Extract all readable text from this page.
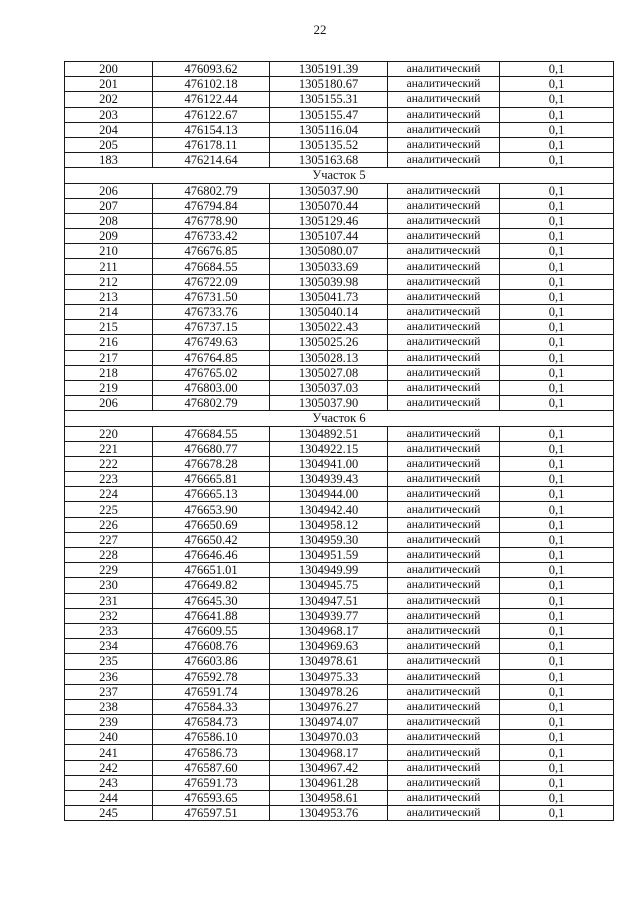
22
200	476093.62	1305191.39	аналитический	0,1
201	476102.18	1305180.67	аналитический	0,1
202	476122.44	1305155.31	аналитический	0,1
203	476122.67	1305155.47	аналитический	0,1
204	476154.13	1305116.04	аналитический	0,1
205	476178.11	1305135.52	аналитический	0,1
183	476214.64	1305163.68	аналитический	0,1
Участок 5				
206	476802.79	1305037.90	аналитический	0,1
207	476794.84	1305070.44	аналитический	0,1
208	476778.90	1305129.46	аналитический	0,1
209	476733.42	1305107.44	аналитический	0,1
210	476676.85	1305080.07	аналитический	0,1
211	476684.55	1305033.69	аналитический	0,1
212	476722.09	1305039.98	аналитический	0,1
213	476731.50	1305041.73	аналитический	0,1
214	476733.76	1305040.14	аналитический	0,1
215	476737.15	1305022.43	аналитический	0,1
216	476749.63	1305025.26	аналитический	0,1
217	476764.85	1305028.13	аналитический	0,1
218	476765.02	1305027.08	аналитический	0,1
219	476803.00	1305037.03	аналитический	0,1
206	476802.79	1305037.90	аналитический	0,1
Участок 6				
220	476684.55	1304892.51	аналитический	0,1
221	476680.77	1304922.15	аналитический	0,1
222	476678.28	1304941.00	аналитический	0,1
223	476665.81	1304939.43	аналитический	0,1
224	476665.13	1304944.00	аналитический	0,1
225	476653.90	1304942.40	аналитический	0,1
226	476650.69	1304958.12	аналитический	0,1
227	476650.42	1304959.30	аналитический	0,1
228	476646.46	1304951.59	аналитический	0,1
229	476651.01	1304949.99	аналитический	0,1
230	476649.82	1304945.75	аналитический	0,1
231	476645.30	1304947.51	аналитический	0,1
232	476641.88	1304939.77	аналитический	0,1
233	476609.55	1304968.17	аналитический	0,1
234	476608.76	1304969.63	аналитический	0,1
235	476603.86	1304978.61	аналитический	0,1
236	476592.78	1304975.33	аналитический	0,1
237	476591.74	1304978.26	аналитический	0,1
238	476584.33	1304976.27	аналитический	0,1
239	476584.73	1304974.07	аналитический	0,1
240	476586.10	1304970.03	аналитический	0,1
241	476586.73	1304968.17	аналитический	0,1
242	476587.60	1304967.42	аналитический	0,1
243	476591.73	1304961.28	аналитический	0,1
244	476593.65	1304958.61	аналитический	0,1
245	476597.51	1304953.76	аналитический	0,1
